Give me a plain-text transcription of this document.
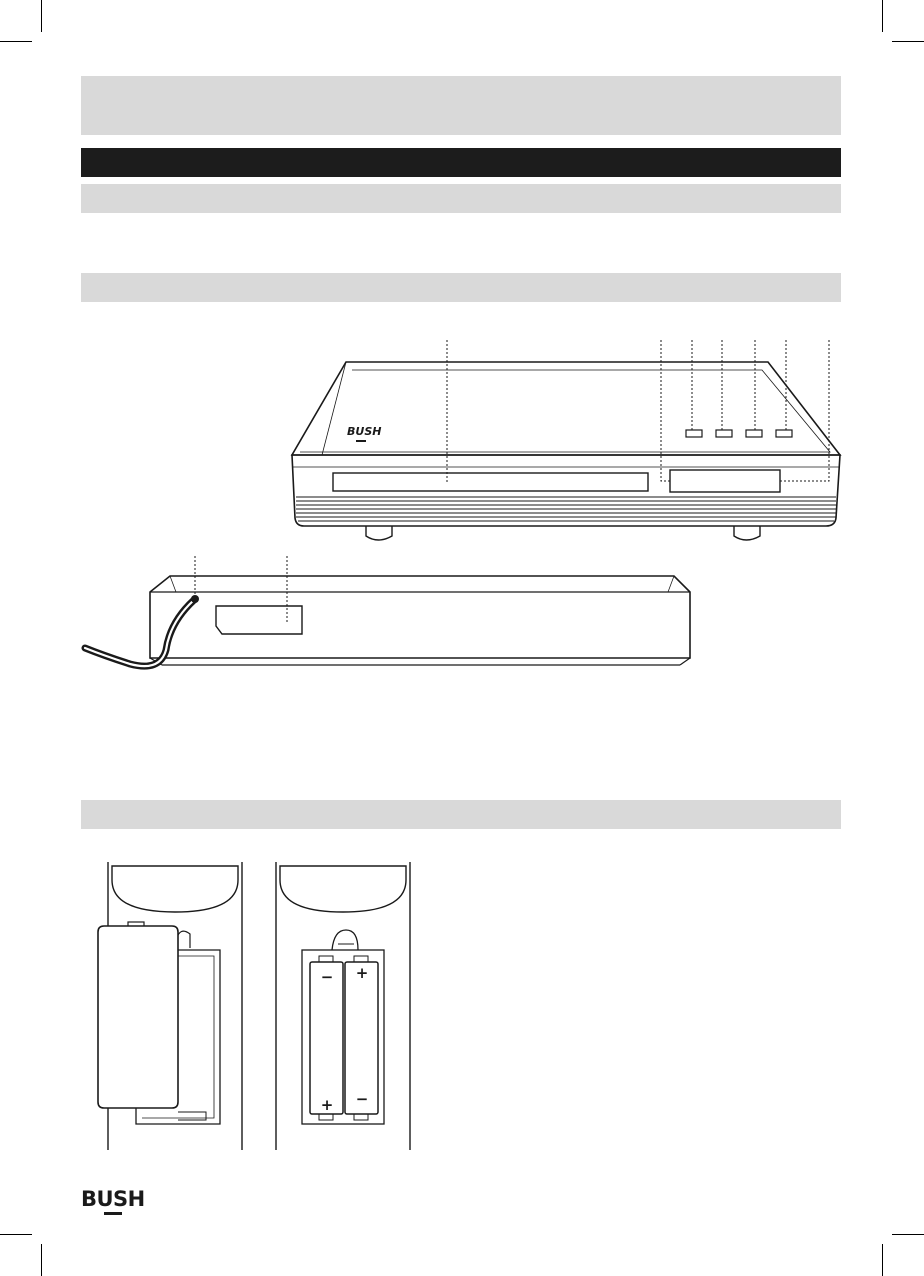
BUSH
−
+
+
−
BUSH
